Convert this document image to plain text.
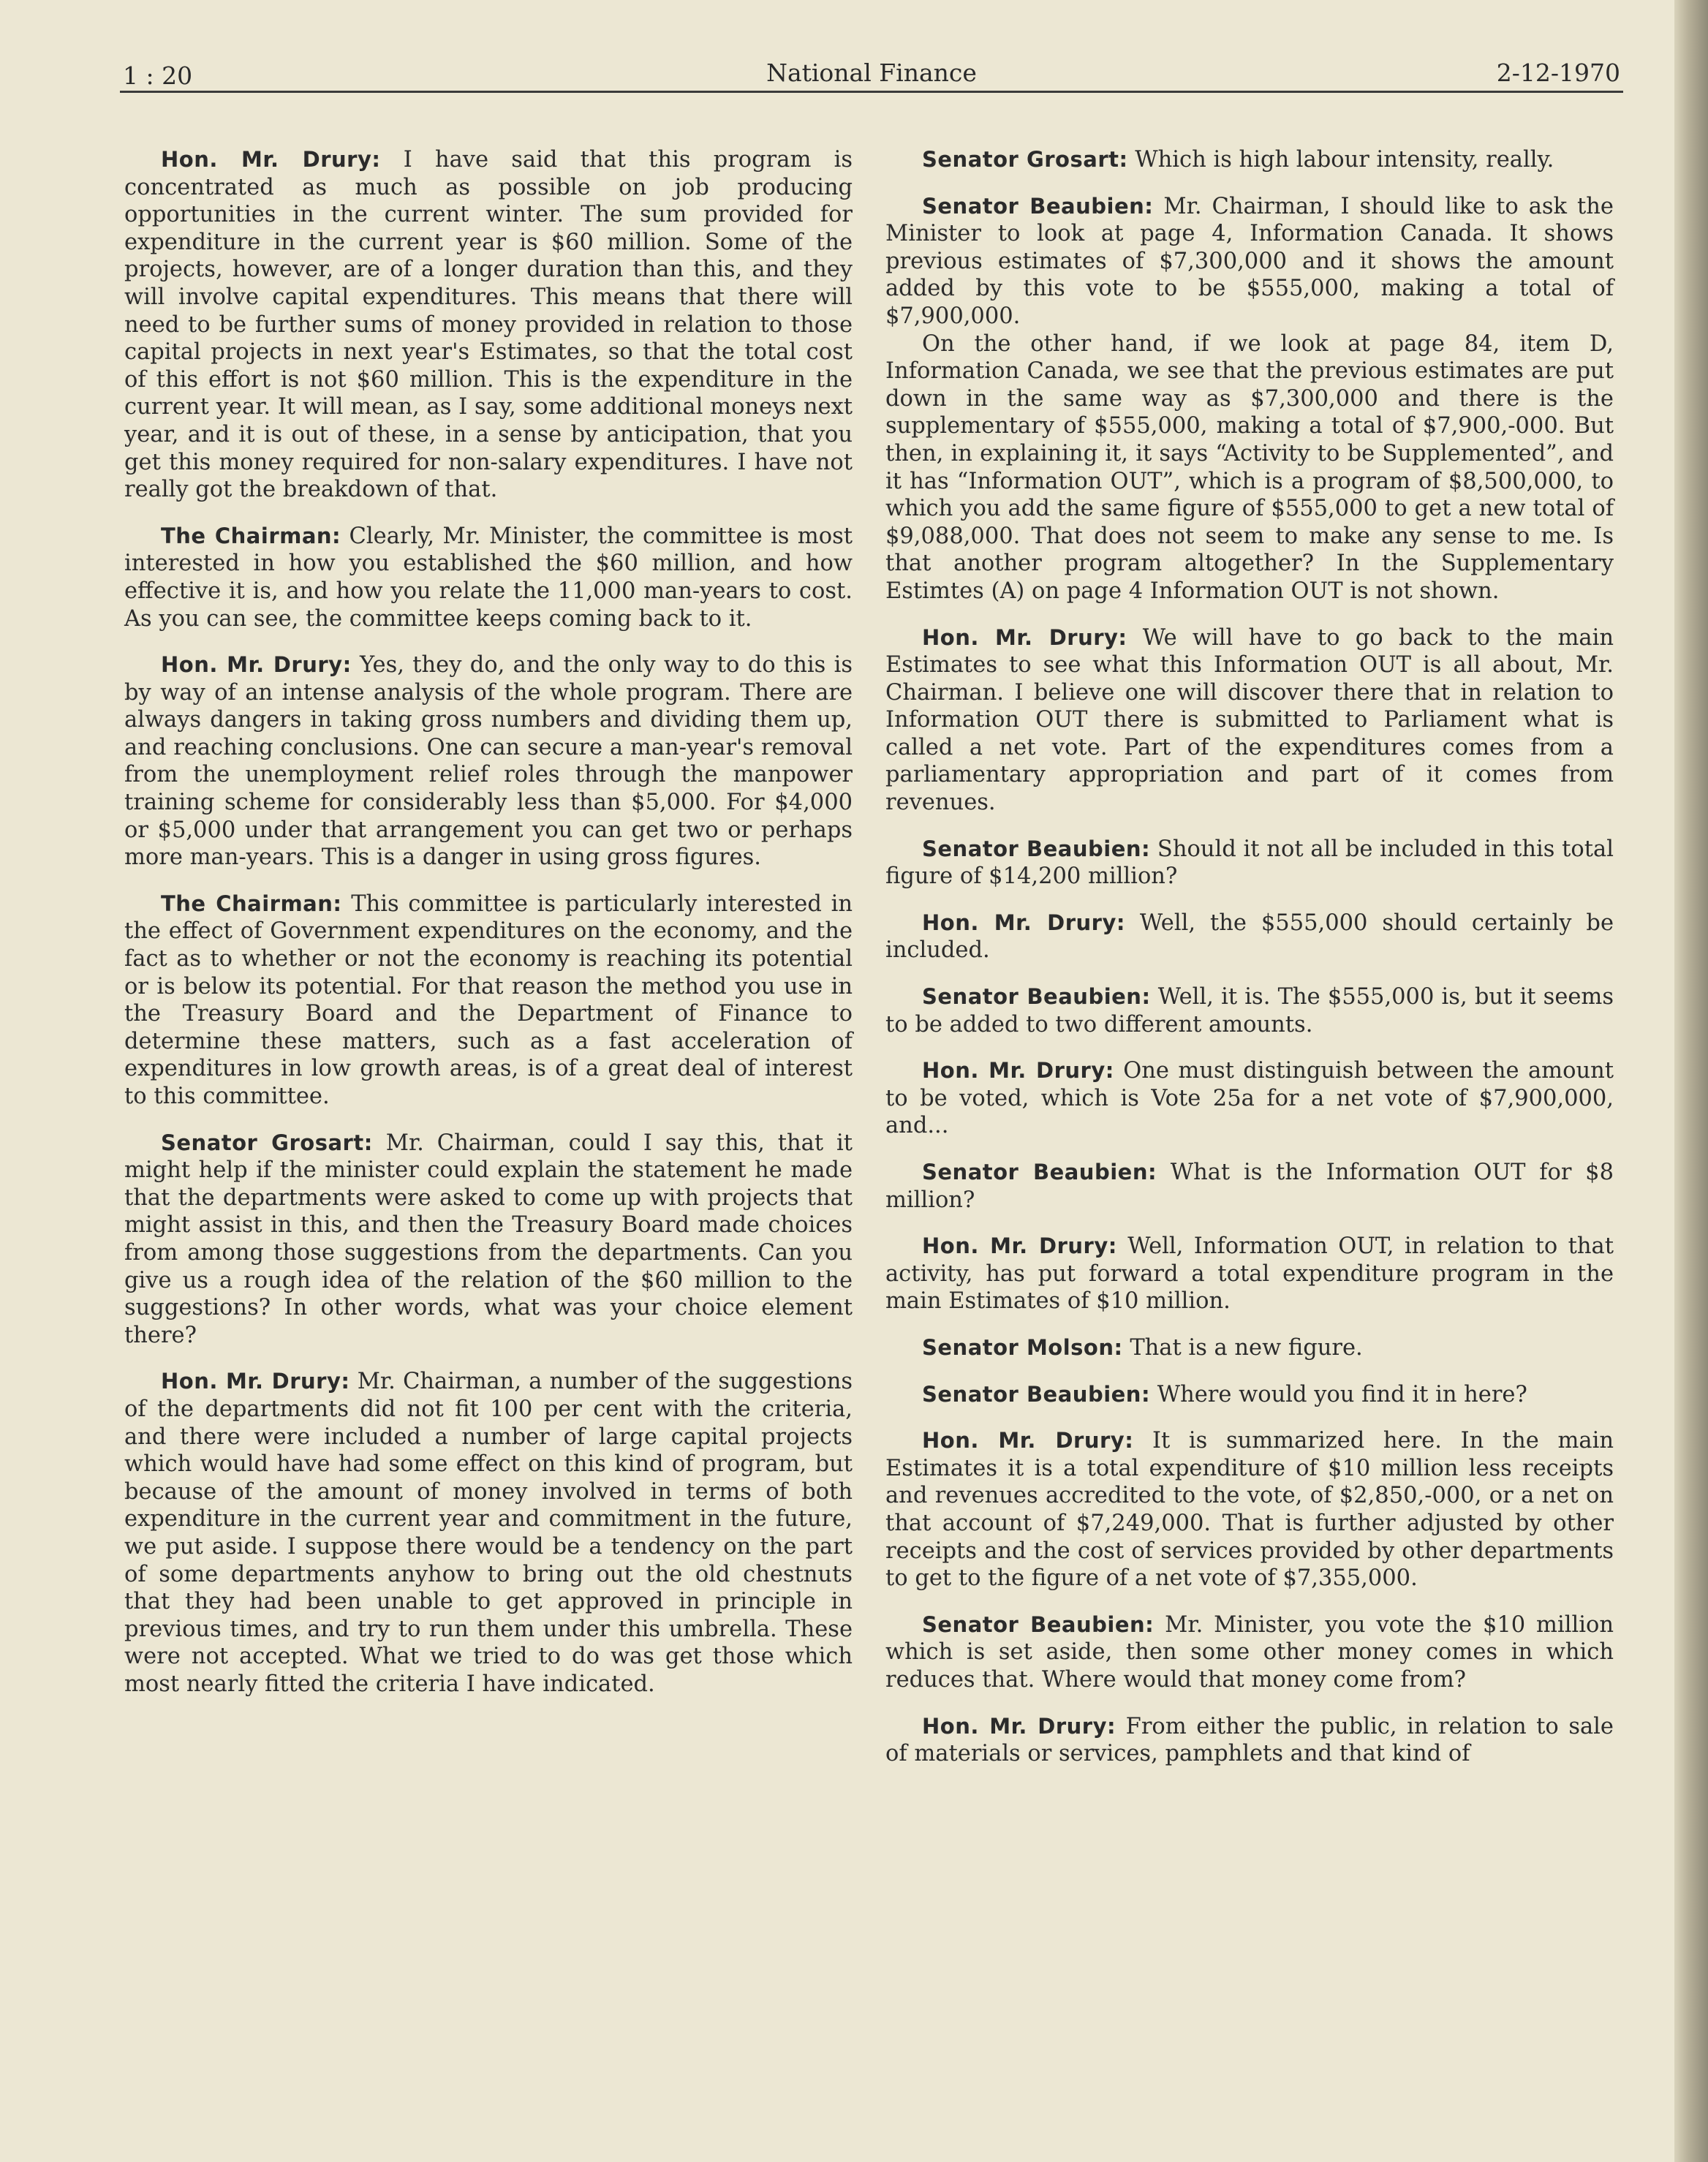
1 : 20	National Finance	2-12-1970

Hon. Mr. Drury: I have said that this program is concentrated as much as possible on job producing opportunities in the current winter. The sum provided for expenditure in the current year is $60 million. Some of the projects, however, are of a longer duration than this, and they will involve capital expenditures. This means that there will need to be further sums of money provided in relation to those capital projects in next year's Estimates, so that the total cost of this effort is not $60 million. This is the expenditure in the current year. It will mean, as I say, some additional moneys next year, and it is out of these, in a sense by anticipation, that you get this money required for non-salary expenditures. I have not really got the breakdown of that.

The Chairman: Clearly, Mr. Minister, the committee is most interested in how you established the $60 million, and how effective it is, and how you relate the 11,000 man-years to cost. As you can see, the committee keeps coming back to it.

Hon. Mr. Drury: Yes, they do, and the only way to do this is by way of an intense analysis of the whole program. There are always dangers in taking gross numbers and dividing them up, and reaching conclusions. One can secure a man-year's removal from the unemployment relief roles through the manpower training scheme for considerably less than $5,000. For $4,000 or $5,000 under that arrangement you can get two or perhaps more man-years. This is a danger in using gross figures.

The Chairman: This committee is particularly interested in the effect of Government expenditures on the economy, and the fact as to whether or not the economy is reaching its potential or is below its potential. For that reason the method you use in the Treasury Board and the Department of Finance to determine these matters, such as a fast acceleration of expenditures in low growth areas, is of a great deal of interest to this committee.

Senator Grosart: Mr. Chairman, could I say this, that it might help if the minister could explain the statement he made that the departments were asked to come up with projects that might assist in this, and then the Treasury Board made choices from among those suggestions from the departments. Can you give us a rough idea of the relation of the $60 million to the suggestions? In other words, what was your choice element there?

Hon. Mr. Drury: Mr. Chairman, a number of the suggestions of the departments did not fit 100 per cent with the criteria, and there were included a number of large capital projects which would have had some effect on this kind of program, but because of the amount of money involved in terms of both expenditure in the current year and commitment in the future, we put aside. I suppose there would be a tendency on the part of some departments anyhow to bring out the old chestnuts that they had been unable to get approved in principle in previous times, and try to run them under this umbrella. These were not accepted. What we tried to do was get those which most nearly fitted the criteria I have indicated.

Senator Grosart: Which is high labour intensity, really.

Senator Beaubien: Mr. Chairman, I should like to ask the Minister to look at page 4, Information Canada. It shows previous estimates of $7,300,000 and it shows the amount added by this vote to be $555,000, making a total of $7,900,000.

On the other hand, if we look at page 84, item D, Information Canada, we see that the previous estimates are put down in the same way as $7,300,000 and there is the supplementary of $555,000, making a total of $7,900,-000. But then, in explaining it, it says “Activity to be Supplemented”, and it has “Information OUT”, which is a program of $8,500,000, to which you add the same figure of $555,000 to get a new total of $9,088,000. That does not seem to make any sense to me. Is that another program altogether? In the Supplementary Estimtes (A) on page 4 Information OUT is not shown.

Hon. Mr. Drury: We will have to go back to the main Estimates to see what this Information OUT is all about, Mr. Chairman. I believe one will discover there that in relation to Information OUT there is submitted to Parliament what is called a net vote. Part of the expenditures comes from a parliamentary appropriation and part of it comes from revenues.

Senator Beaubien: Should it not all be included in this total figure of $14,200 million?

Hon. Mr. Drury: Well, the $555,000 should certainly be included.

Senator Beaubien: Well, it is. The $555,000 is, but it seems to be added to two different amounts.

Hon. Mr. Drury: One must distinguish between the amount to be voted, which is Vote 25a for a net vote of $7,900,000, and...

Senator Beaubien: What is the Information OUT for $8 million?

Hon. Mr. Drury: Well, Information OUT, in relation to that activity, has put forward a total expenditure program in the main Estimates of $10 million.

Senator Molson: That is a new figure.

Senator Beaubien: Where would you find it in here?

Hon. Mr. Drury: It is summarized here. In the main Estimates it is a total expenditure of $10 million less receipts and revenues accredited to the vote, of $2,850,-000, or a net on that account of $7,249,000. That is further adjusted by other receipts and the cost of services provided by other departments to get to the figure of a net vote of $7,355,000.

Senator Beaubien: Mr. Minister, you vote the $10 million which is set aside, then some other money comes in which reduces that. Where would that money come from?

Hon. Mr. Drury: From either the public, in relation to sale of materials or services, pamphlets and that kind of
